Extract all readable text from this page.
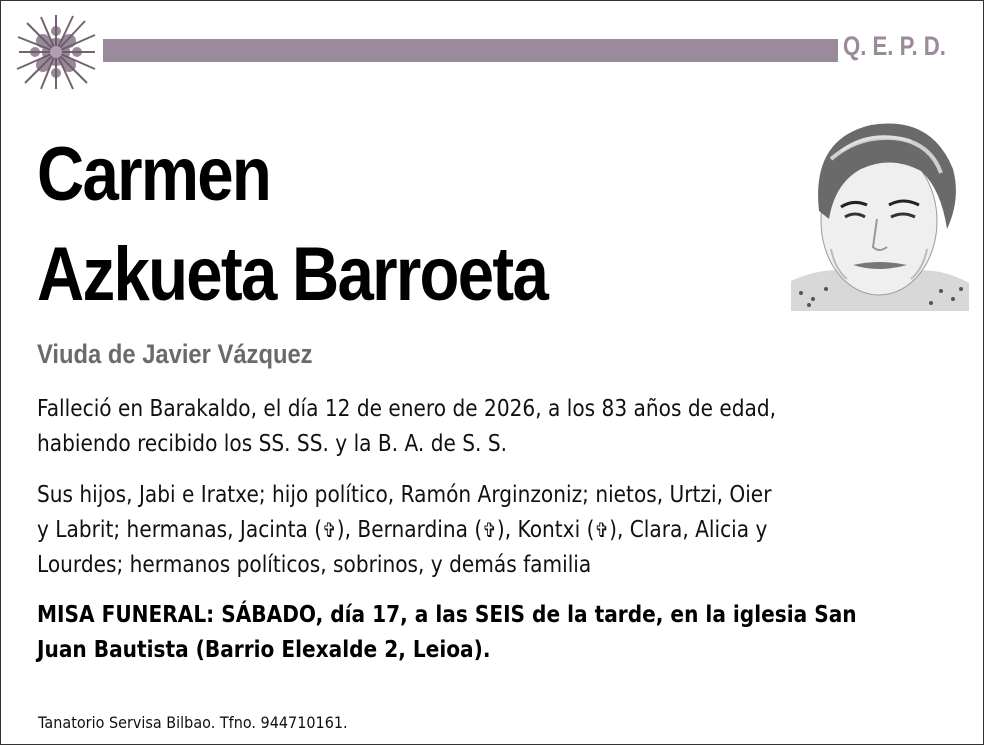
Q. E. P. D.
Carmen
Azkueta Barroeta
Viuda de Javier Vázquez
Falleció en Barakaldo, el día 12 de enero de 2026, a los 83 años de edad,
habiendo recibido los SS. SS. y la B. A. de S. S.
Sus hijos, Jabi e Iratxe; hijo político, Ramón Arginzoniz; nietos, Urtzi, Oier
y Labrit; hermanas, Jacinta (✞), Bernardina (✞), Kontxi (✞), Clara, Alicia y
Lourdes; hermanos políticos, sobrinos, y demás familia
MISA FUNERAL: SÁBADO, día 17, a las SEIS de la tarde, en la iglesia San
Juan Bautista (Barrio Elexalde 2, Leioa).
Tanatorio Servisa Bilbao. Tfno. 944710161.
